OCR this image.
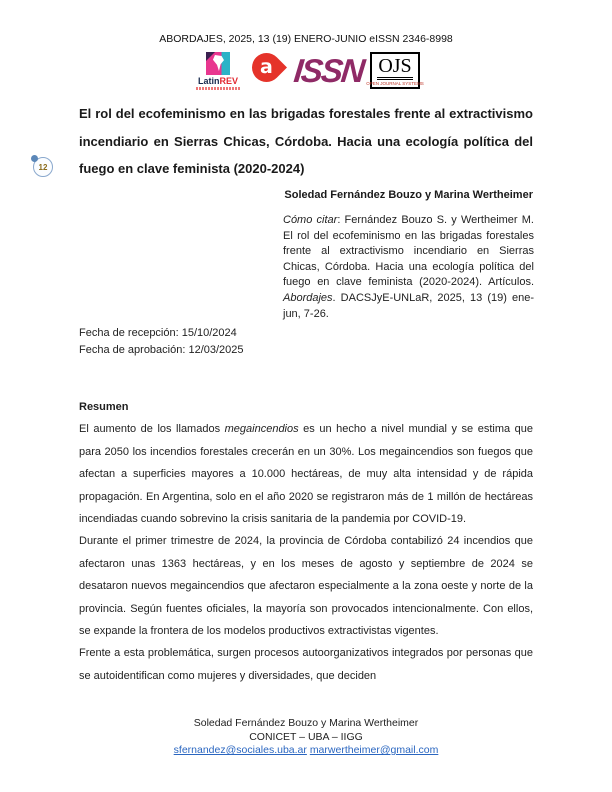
ABORDAJES, 2025, 13 (19) ENERO-JUNIO eISSN 2346-8998
LatinREV
a ISSN OJS
OPEN JOURNAL SYSTEMS
12
El rol del ecofeminismo en las brigadas forestales frente al extractivismo incendiario en Sierras Chicas, Córdoba. Hacia una ecología política del fuego en clave feminista (2020-2024)
Soledad Fernández Bouzo y Marina Wertheimer
Cómo citar: Fernández Bouzo S. y Wertheimer M. El rol del ecofeminismo en las brigadas forestales frente al extractivismo incendiario en Sierras Chicas, Córdoba. Hacia una ecología política del fuego en clave feminista (2020-2024). Artículos. Abordajes. DACSJyE-UNLaR, 2025, 13 (19) ene-jun, 7-26.
Fecha de recepción: 15/10/2024
Fecha de aprobación: 12/03/2025
Resumen

El aumento de los llamados megaincendios es un hecho a nivel mundial y se estima que para 2050 los incendios forestales crecerán en un 30%. Los megaincendios son fuegos que afectan a superficies mayores a 10.000 hectáreas, de muy alta intensidad y de rápida propagación. En Argentina, solo en el año 2020 se registraron más de 1 millón de hectáreas incendiadas cuando sobrevino la crisis sanitaria de la pandemia por COVID-19.

Durante el primer trimestre de 2024, la provincia de Córdoba contabilizó 24 incendios que afectaron unas 1363 hectáreas, y en los meses de agosto y septiembre de 2024 se desataron nuevos megaincendios que afectaron especialmente a la zona oeste y norte de la provincia. Según fuentes oficiales, la mayoría son provocados intencionalmente. Con ellos, se expande la frontera de los modelos productivos extractivistas vigentes.

Frente a esta problemática, surgen procesos autoorganizativos integrados por personas que se autoidentifican como mujeres y diversidades, que deciden

Soledad Fernández Bouzo y Marina Wertheimer
CONICET – UBA – IIGG
sfernandez@sociales.uba.ar marwertheimer@gmail.com
